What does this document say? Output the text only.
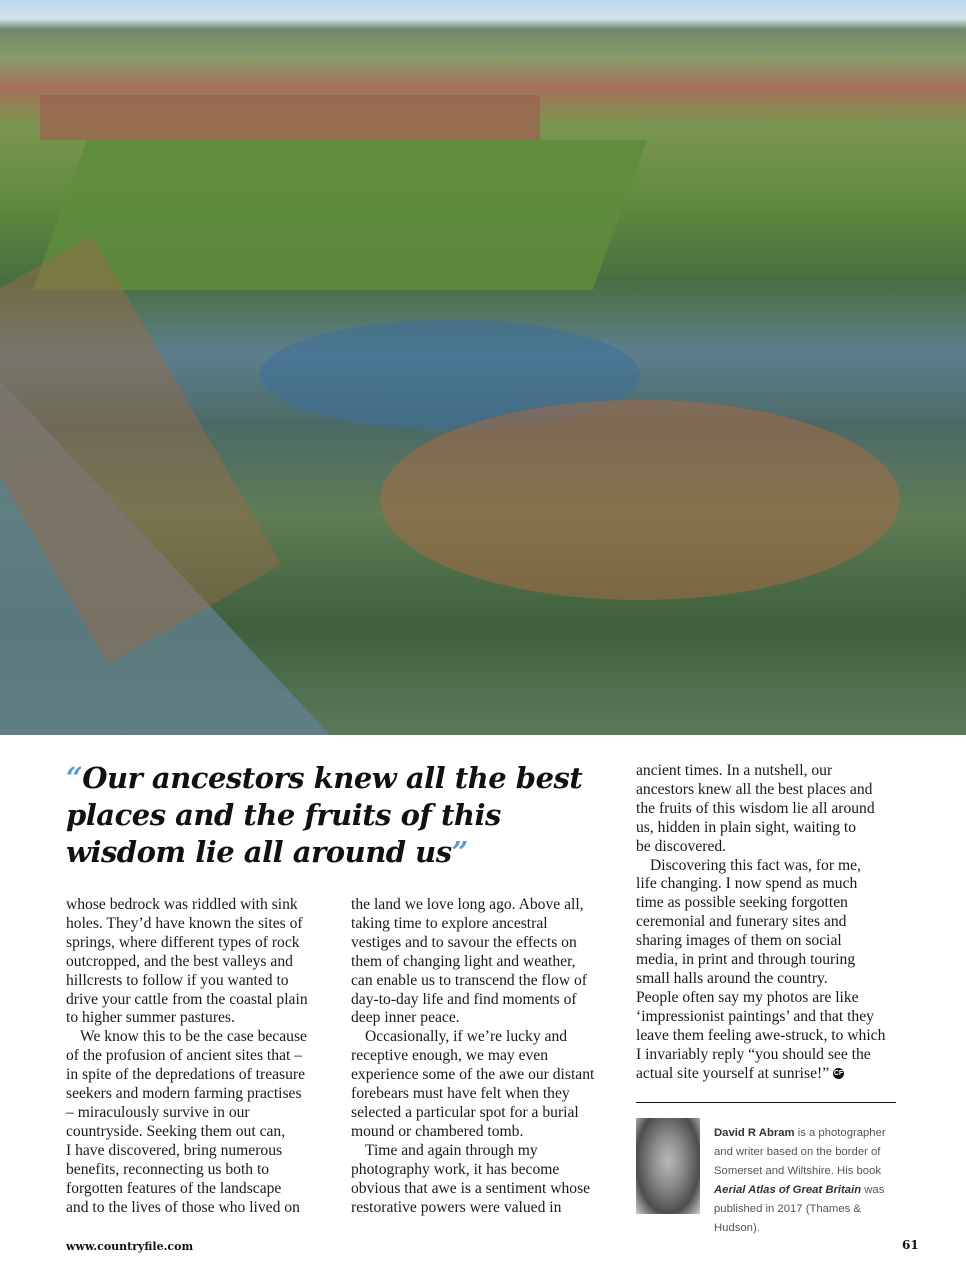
“Our ancestors knew all the best places and the fruits of this wisdom lie all around us”
whose bedrock was riddled with sink
holes. They’d have known the sites of
springs, where different types of rock
outcropped, and the best valleys and
hillcrests to follow if you wanted to
drive your cattle from the coastal plain
to higher summer pastures.
We know this to be the case because
of the profusion of ancient sites that –
in spite of the depredations of treasure
seekers and modern farming practises
– miraculously survive in our
countryside. Seeking them out can,
I have discovered, bring numerous
benefits, reconnecting us both to
forgotten features of the landscape
and to the lives of those who lived on
the land we love long ago. Above all,
taking time to explore ancestral
vestiges and to savour the effects on
them of changing light and weather,
can enable us to transcend the flow of
day-to-day life and find moments of
deep inner peace.
Occasionally, if we’re lucky and
receptive enough, we may even
experience some of the awe our distant
forebears must have felt when they
selected a particular spot for a burial
mound or chambered tomb.
Time and again through my
photography work, it has become
obvious that awe is a sentiment whose
restorative powers were valued in
ancient times. In a nutshell, our
ancestors knew all the best places and
the fruits of this wisdom lie all around
us, hidden in plain sight, waiting to
be discovered.
Discovering this fact was, for me,
life changing. I now spend as much
time as possible seeking forgotten
ceremonial and funerary sites and
sharing images of them on social
media, in print and through touring
small halls around the country.
People often say my photos are like
‘impressionist paintings’ and that they
leave them feeling awe-struck, to which
I invariably reply “you should see the
actual site yourself at sunrise!” CF
David R Abram is a photographer and writer based on the border of Somerset and Wiltshire. His book Aerial Atlas of Great Britain was published in 2017 (Thames & Hudson).
www.countryfile.com	61
